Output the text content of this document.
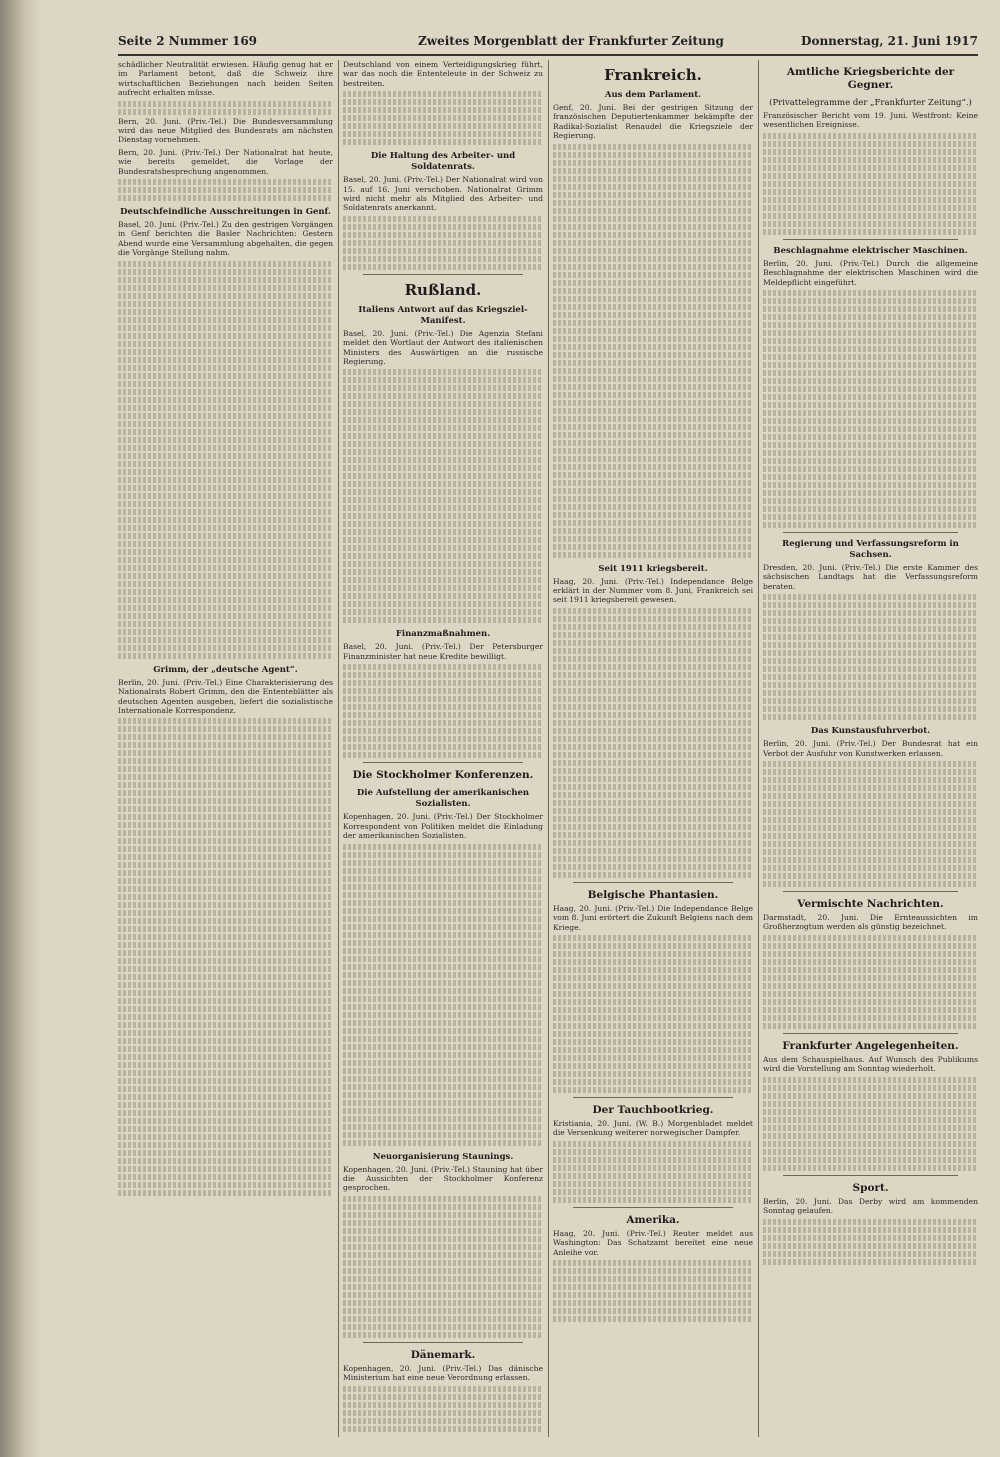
Seite 2 Nummer 169	Zweites Morgenblatt der Frankfurter Zeitung	Donnerstag, 21. Juni 1917

schädlicher Neutralität erwiesen. Häufig genug hat er im Parlament betont, daß die Schweiz ihre wirtschaftlichen Beziehungen nach beiden Seiten aufrecht erhalten müsse.

Bern, 20. Juni. (Priv.-Tel.) Die Bundesversammlung wird das neue Mitglied des Bundesrats am nächsten Dienstag vornehmen.

Bern, 20. Juni. (Priv.-Tel.) Der Nationalrat hat heute, wie bereits gemeldet, die Vorlage der Bundesratsbesprechung angenommen.

Deutschfeindliche Ausschreitungen in Genf.

Basel, 20. Juni. (Priv.-Tel.) Zu den gestrigen Vorgängen in Genf berichten die Basler Nachrichten: Gestern Abend wurde eine Versammlung abgehalten, die gegen die Vorgänge Stellung nahm.

Grimm, der „deutsche Agent“.

Berlin, 20. Juni. (Priv.-Tel.) Eine Charakterisierung des Nationalrats Robert Grimm, den die Ententeblätter als deutschen Agenten ausgeben, liefert die sozialistische Internationale Korrespondenz.

Deutschland von einem Verteidigungskrieg führt, war das noch die Ententeleute in der Schweiz zu bestreiten.

Die Haltung des Arbeiter- und Soldatenrats.

Basel, 20. Juni. (Priv.-Tel.) Der Nationalrat wird von 15. auf 16. Juni verschoben. Nationalrat Grimm wird nicht mehr als Mitglied des Arbeiter- und Soldatenrats anerkannt.

Rußland.
Italiens Antwort auf das Kriegsziel-Manifest.

Basel, 20. Juni. (Priv.-Tel.) Die Agenzia Stefani meldet den Wortlaut der Antwort des italienischen Ministers des Auswärtigen an die russische Regierung.

Finanzmaßnahmen.

Basel, 20. Juni. (Priv.-Tel.) Der Petersburger Finanzminister hat neue Kredite bewilligt.

Die Stockholmer Konferenzen.
Die Aufstellung der amerikanischen Sozialisten.

Kopenhagen, 20. Juni. (Priv.-Tel.) Der Stockholmer Korrespondent von Politiken meldet die Einladung der amerikanischen Sozialisten.

Neuorganisierung Staunings.

Kopenhagen, 20. Juni. (Priv.-Tel.) Stauning hat über die Aussichten der Stockholmer Konferenz gesprochen.

Dänemark.

Kopenhagen, 20. Juni. (Priv.-Tel.) Das dänische Ministerium hat eine neue Verordnung erlassen.

Frankreich.
Aus dem Parlament.

Genf, 20. Juni. Bei der gestrigen Sitzung der französischen Deputiertenkammer bekämpfte der Radikal-Sozialist Renaudel die Kriegsziele der Regierung.

Seit 1911 kriegsbereit.

Haag, 20. Juni. (Priv.-Tel.) Independance Belge erklärt in der Nummer vom 8. Juni, Frankreich sei seit 1911 kriegsbereit gewesen.

Belgische Phantasien.

Haag, 20. Juni. (Priv.-Tel.) Die Independance Belge vom 8. Juni erörtert die Zukunft Belgiens nach dem Kriege.

Der Tauchbootkrieg.

Kristiania, 20. Juni. (W. B.) Morgenbladet meldet die Versenkung weiterer norwegischer Dampfer.

Amerika.

Haag, 20. Juni. (Priv.-Tel.) Reuter meldet aus Washington: Das Schatzamt bereitet eine neue Anleihe vor.

Amtliche Kriegsberichte der Gegner.
(Privattelegramme der „Frankfurter Zeitung“.)

Französischer Bericht vom 19. Juni. Westfront: Keine wesentlichen Ereignisse.

Beschlagnahme elektrischer Maschinen.

Berlin, 20. Juni. (Priv.-Tel.) Durch die allgemeine Beschlagnahme der elektrischen Maschinen wird die Meldepflicht eingeführt.

Regierung und Verfassungsreform in Sachsen.

Dresden, 20. Juni. (Priv.-Tel.) Die erste Kammer des sächsischen Landtags hat die Verfassungsreform beraten.

Das Kunstausfuhrverbot.

Berlin, 20. Juni. (Priv.-Tel.) Der Bundesrat hat ein Verbot der Ausfuhr von Kunstwerken erlassen.

Vermischte Nachrichten.

Darmstadt, 20. Juni. Die Ernteaussichten im Großherzogtum werden als günstig bezeichnet.

Frankfurter Angelegenheiten.

Aus dem Schauspielhaus. Auf Wunsch des Publikums wird die Vorstellung am Sonntag wiederholt.

Sport.

Berlin, 20. Juni. Das Derby wird am kommenden Sonntag gelaufen.
